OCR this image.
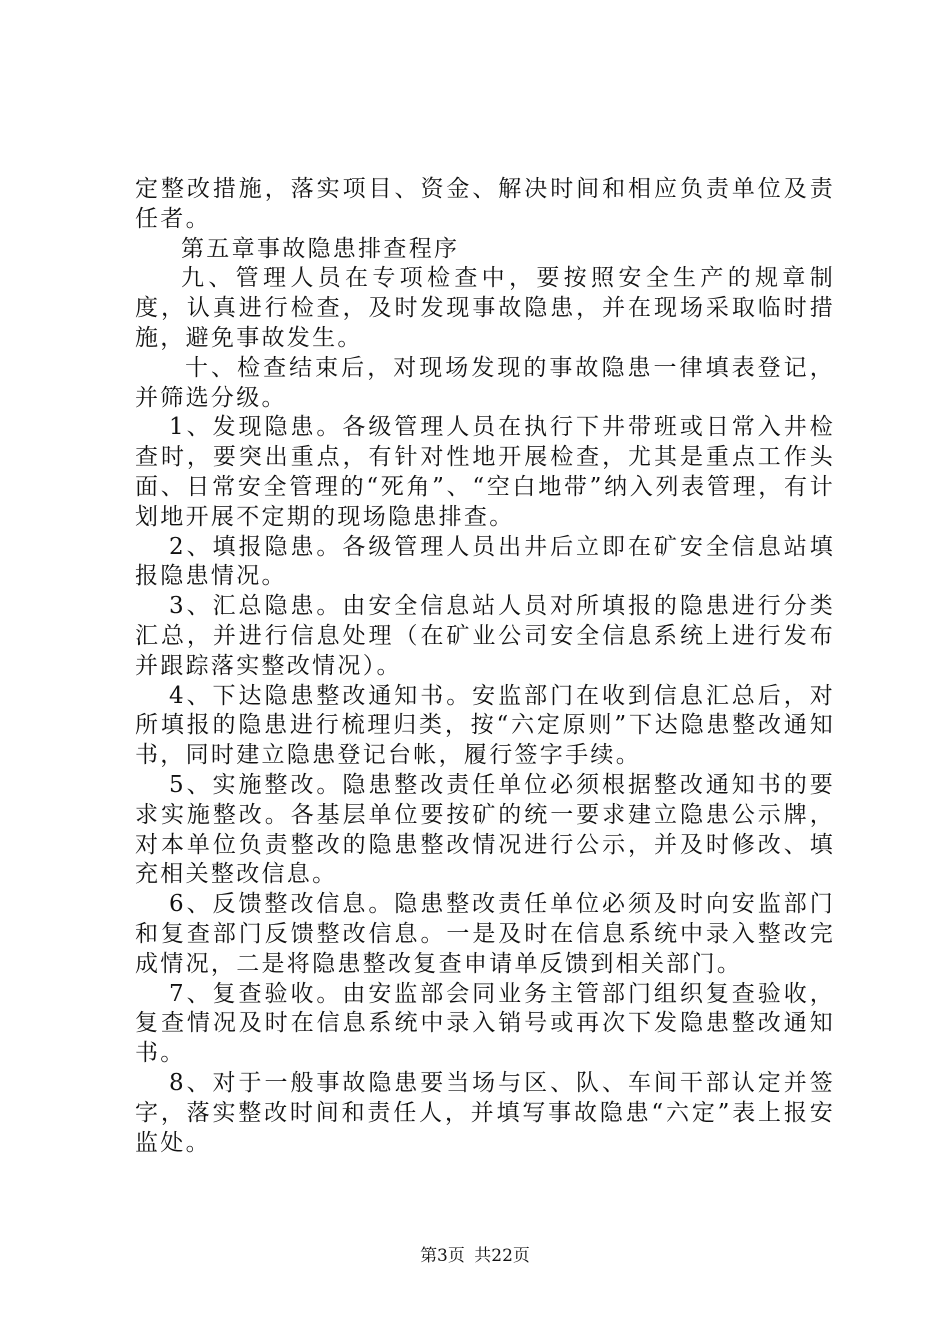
定整改措施，落实项目、资金、解决时间和相应负责单位及责任者。

第五章事故隐患排查程序

九、管理人员在专项检查中，要按照安全生产的规章制度，认真进行检查，及时发现事故隐患，并在现场采取临时措施，避免事故发生。

十、检查结束后，对现场发现的事故隐患一律填表登记，并筛选分级。

1、发现隐患。各级管理人员在执行下井带班或日常入井检查时，要突出重点，有针对性地开展检查，尤其是重点工作头面、日常安全管理的“死角”、“空白地带”纳入列表管理，有计划地开展不定期的现场隐患排查。

2、填报隐患。各级管理人员出井后立即在矿安全信息站填报隐患情况。

3、汇总隐患。由安全信息站人员对所填报的隐患进行分类汇总，并进行信息处理（在矿业公司安全信息系统上进行发布并跟踪落实整改情况）。

4、下达隐患整改通知书。安监部门在收到信息汇总后，对所填报的隐患进行梳理归类，按“六定原则”下达隐患整改通知书，同时建立隐患登记台帐，履行签字手续。

5、实施整改。隐患整改责任单位必须根据整改通知书的要求实施整改。各基层单位要按矿的统一要求建立隐患公示牌，对本单位负责整改的隐患整改情况进行公示，并及时修改、填充相关整改信息。

6、反馈整改信息。隐患整改责任单位必须及时向安监部门和复查部门反馈整改信息。一是及时在信息系统中录入整改完成情况，二是将隐患整改复查申请单反馈到相关部门。

7、复查验收。由安监部会同业务主管部门组织复查验收，复查情况及时在信息系统中录入销号或再次下发隐患整改通知书。

8、对于一般事故隐患要当场与区、队、车间干部认定并签字，落实整改时间和责任人，并填写事故隐患“六定”表上报安监处。

第3页 共22页
